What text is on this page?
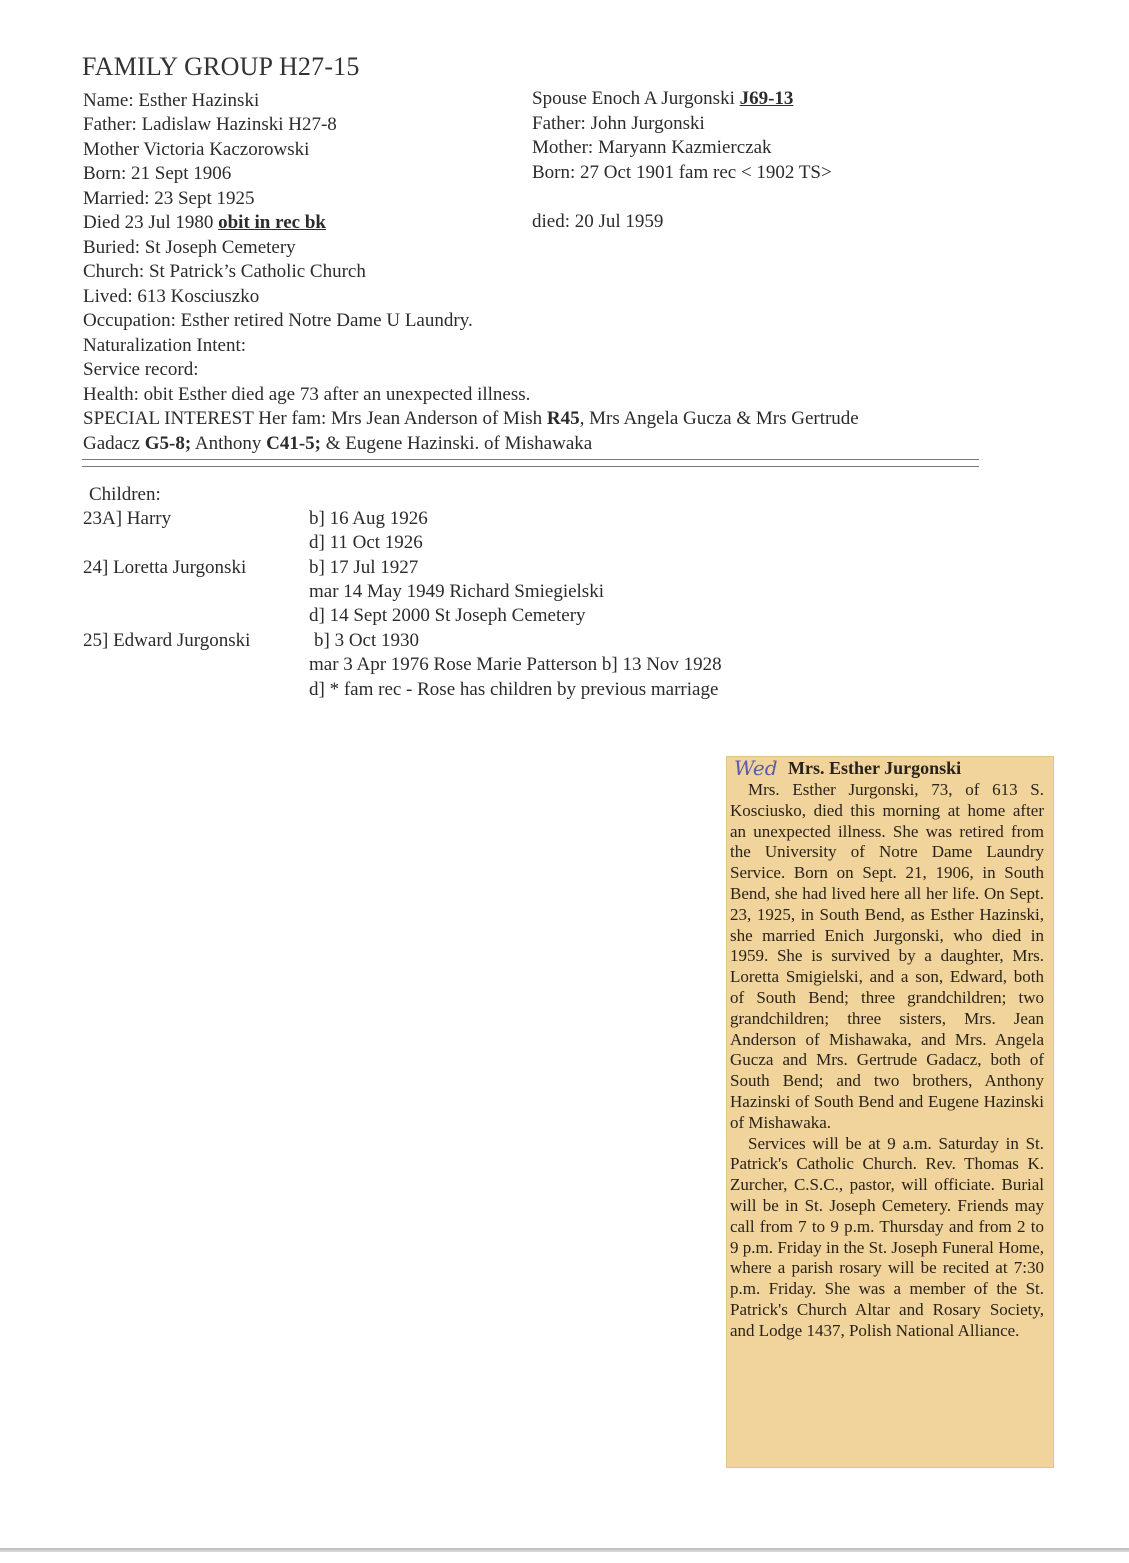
FAMILY GROUP H27-15
Name: Esther Hazinski
Father: Ladislaw Hazinski H27-8
Mother Victoria Kaczorowski
Born: 21 Sept 1906
Married: 23 Sept 1925
Died 23 Jul 1980 obit in rec bk
Buried: St Joseph Cemetery
Church: St Patrick’s Catholic Church
Lived: 613 Kosciuszko
Occupation: Esther retired Notre Dame U Laundry.
Naturalization Intent:
Service record:
Health: obit Esther died age 73 after an unexpected illness.
SPECIAL INTEREST Her fam: Mrs Jean Anderson of Mish R45, Mrs Angela Gucza & Mrs Gertrude
Gadacz G5-8; Anthony C41-5; & Eugene Hazinski. of Mishawaka
Spouse Enoch A Jurgonski J69-13
Father: John Jurgonski
Mother: Maryann Kazmierczak
Born: 27 Oct 1901 fam rec < 1902 TS>
died: 20 Jul 1959
Children:
23A] Harry	b] 16 Aug 1926
d] 11 Oct 1926
24] Loretta Jurgonski	b] 17 Jul 1927
mar 14 May 1949 Richard Smiegielski
d] 14 Sept 2000 St Joseph Cemetery
25] Edward Jurgonski	b] 3 Oct 1930
mar 3 Apr 1976 Rose Marie Patterson b] 13 Nov 1928
d] * fam rec - Rose has children by previous marriage
Wed Mrs. Esther Jurgonski

Mrs. Esther Jurgonski, 73, of 613 S. Kosciusko, died this morning at home after an unexpected illness. She was retired from the University of Notre Dame Laundry Service. Born on Sept. 21, 1906, in South Bend, she had lived here all her life. On Sept. 23, 1925, in South Bend, as Esther Hazinski, she married Enich Jurgonski, who died in 1959. She is survived by a daughter, Mrs. Loretta Smigielski, and a son, Edward, both of South Bend; three grandchildren; two grandchildren; three sisters, Mrs. Jean Anderson of Mishawaka, and Mrs. Angela Gucza and Mrs. Gertrude Gadacz, both of South Bend; and two brothers, Anthony Hazinski of South Bend and Eugene Hazinski of Mishawaka.

Services will be at 9 a.m. Saturday in St. Patrick's Catholic Church. Rev. Thomas K. Zurcher, C.S.C., pastor, will officiate. Burial will be in St. Joseph Cemetery. Friends may call from 7 to 9 p.m. Thursday and from 2 to 9 p.m. Friday in the St. Joseph Funeral Home, where a parish rosary will be recited at 7:30 p.m. Friday. She was a member of the St. Patrick's Church Altar and Rosary Society, and Lodge 1437, Polish National Alliance.
